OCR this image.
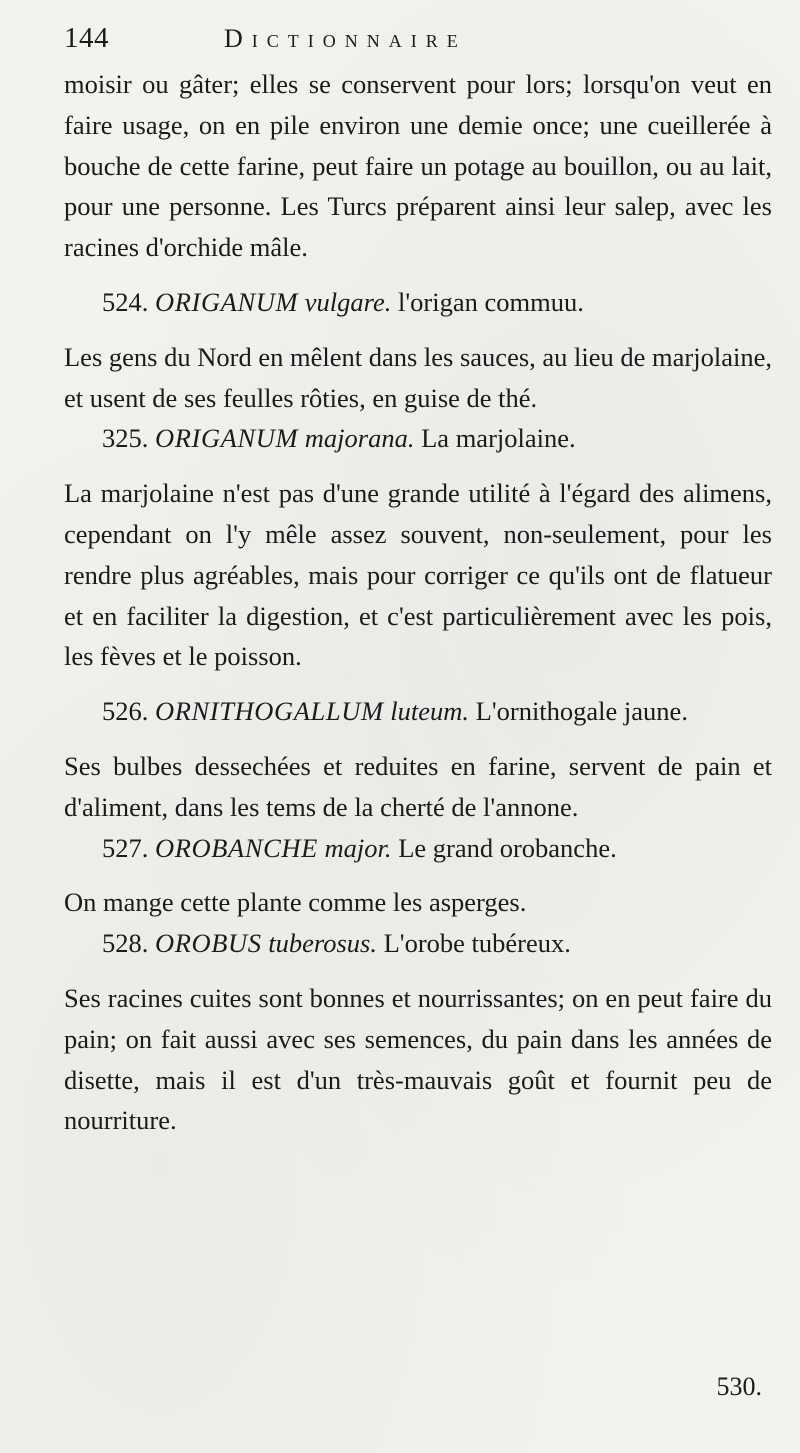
144	Dictionnaire

moisir ou gâter; elles se conservent pour lors; lorsqu'on veut en faire usage, on en pile environ une demie once; une cueillerée à bouche de cette farine, peut faire un potage au bouillon, ou au lait, pour une personne. Les Turcs préparent ainsi leur salep, avec les racines d'orchide mâle.

524. ORIGANUM vulgare. l'origan commuu.

Les gens du Nord en mêlent dans les sauces, au lieu de marjolaine, et usent de ses feulles rôties, en guise de thé.

325. ORIGANUM majorana. La marjolaine.

La marjolaine n'est pas d'une grande utilité à l'égard des alimens, cependant on l'y mêle assez souvent, non-seulement, pour les rendre plus agréables, mais pour corriger ce qu'ils ont de flatueur et en faciliter la digestion, et c'est particulièrement avec les pois, les fèves et le poisson.

526. ORNITHOGALLUM luteum. L'ornithogale jaune.

Ses bulbes dessechées et reduites en farine, servent de pain et d'aliment, dans les tems de la cherté de l'annone.

527. OROBANCHE major. Le grand orobanche.

On mange cette plante comme les asperges.

528. OROBUS tuberosus. L'orobe tubéreux.

Ses racines cuites sont bonnes et nourrissantes; on en peut faire du pain; on fait aussi avec ses semences, du pain dans les années de disette, mais il est d'un très-mauvais goût et fournit peu de nourriture.

530.
